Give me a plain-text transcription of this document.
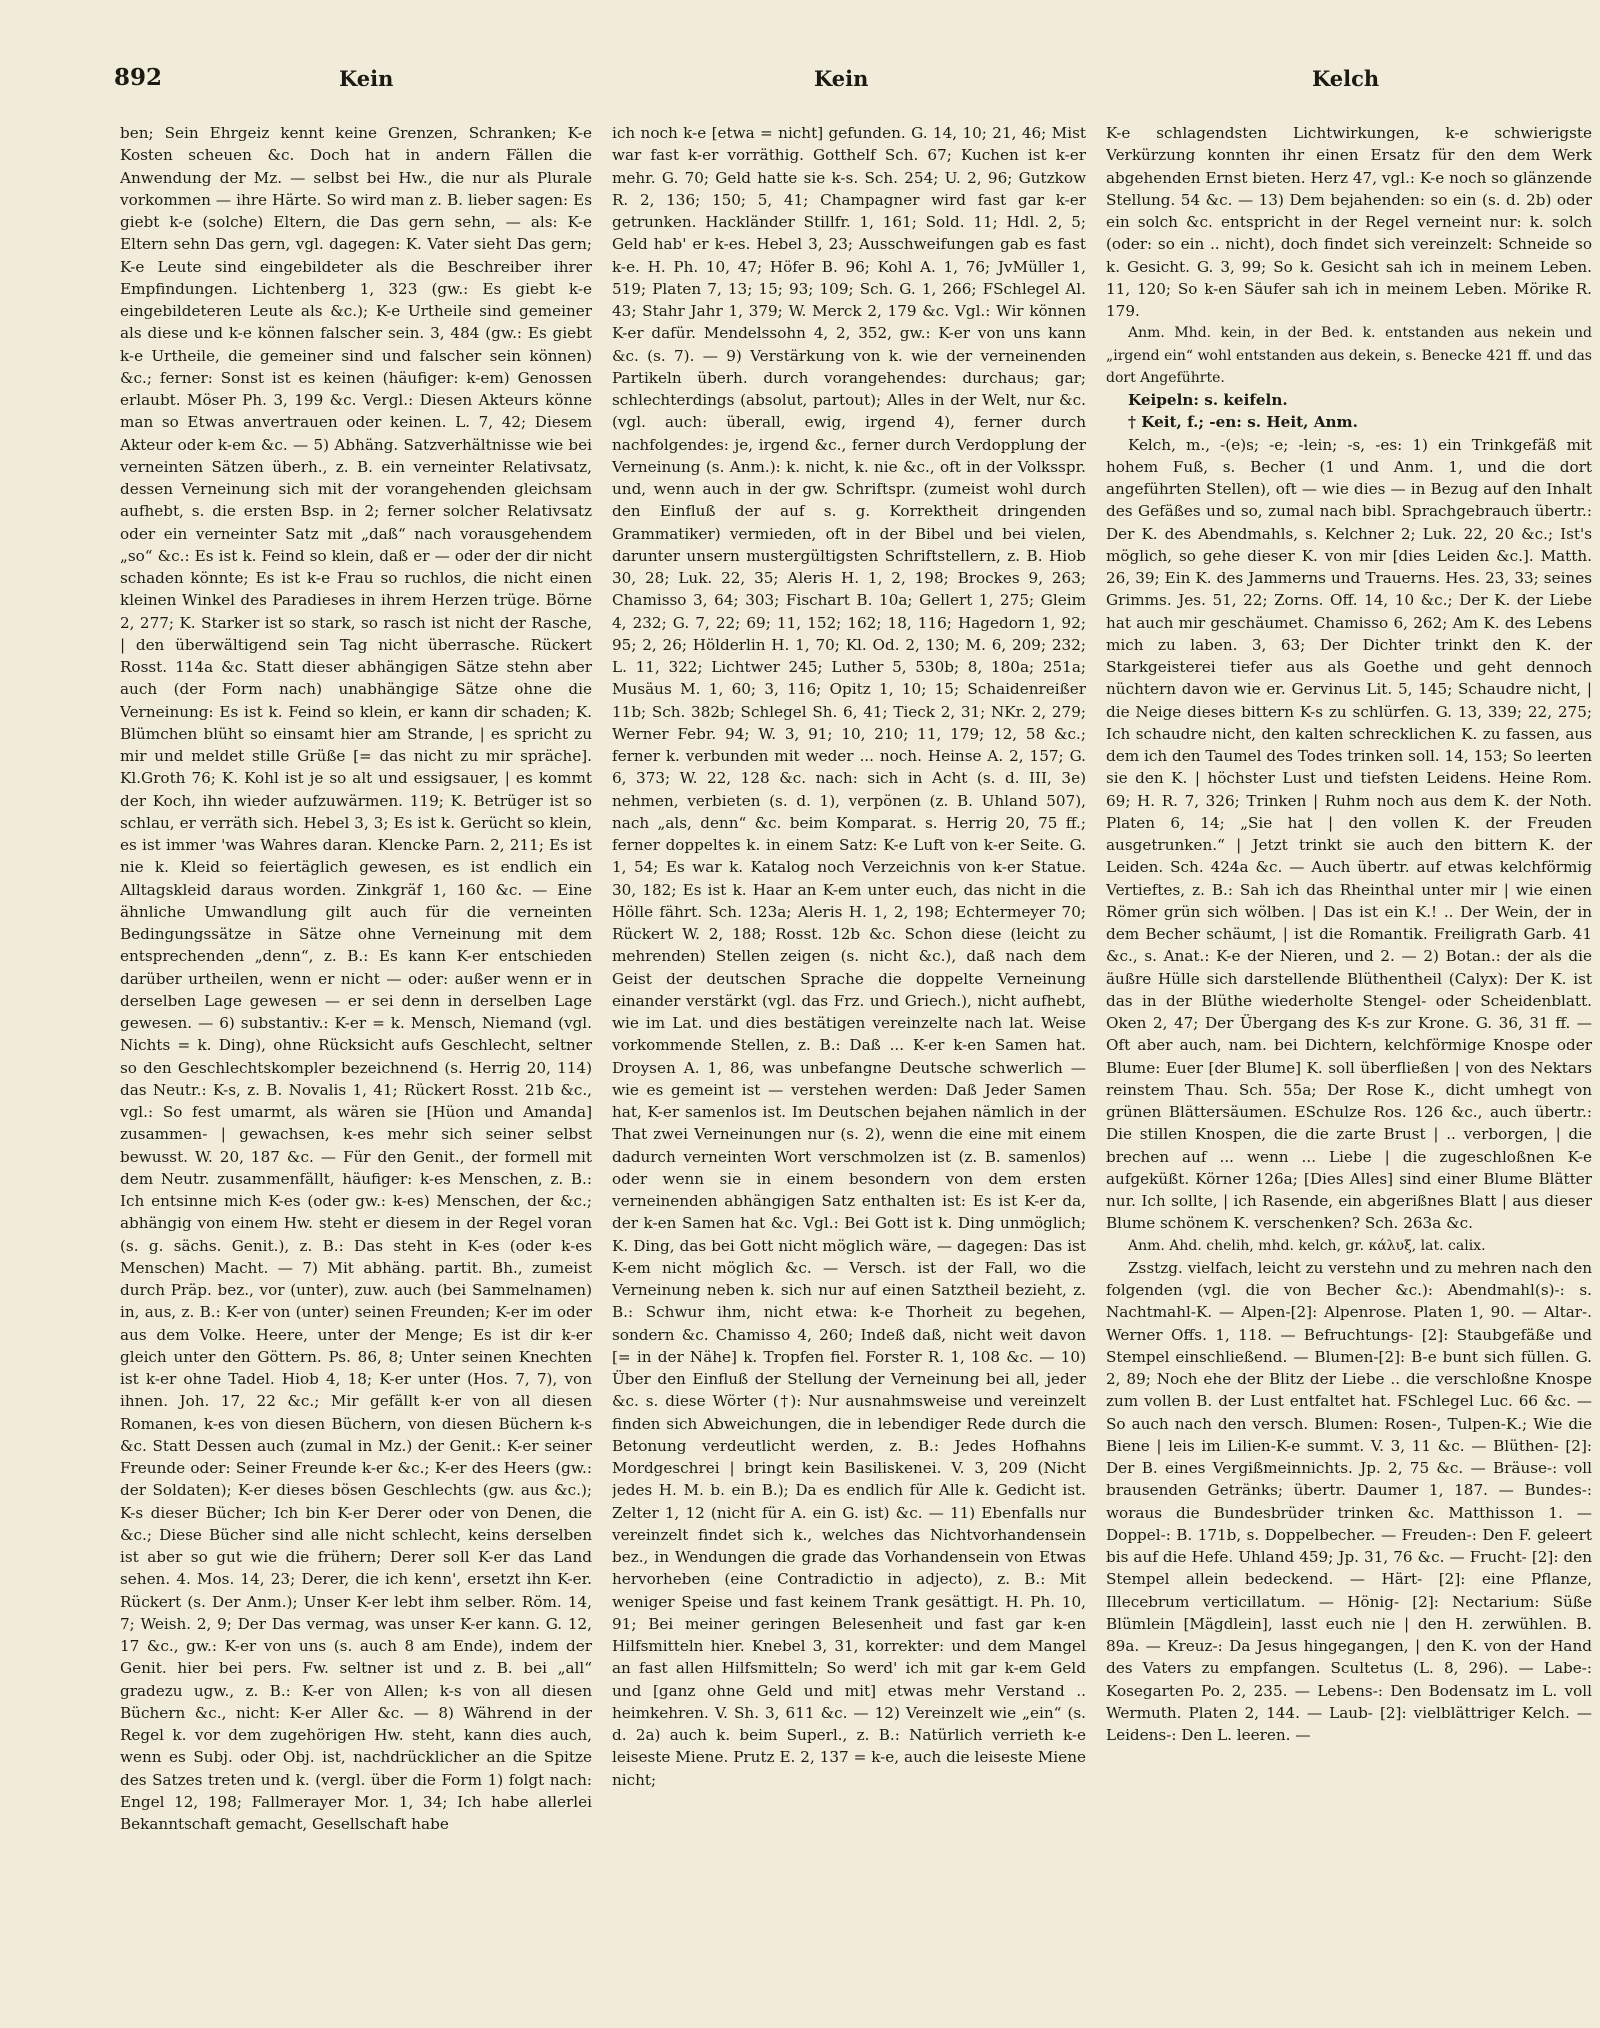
892	Kein	Kein	Kelch

ben; Sein Ehrgeiz kennt keine Grenzen, Schranken; K-e Kosten scheuen &c. Doch hat in andern Fällen die Anwendung der Mz. — selbst bei Hw., die nur als Plurale vorkommen — ihre Härte. So wird man z. B. lieber sagen: Es giebt k-e (solche) Eltern, die Das gern sehn, — als: K-e Eltern sehn Das gern, vgl. dagegen: K. Vater sieht Das gern; K-e Leute sind eingebildeter als die Beschreiber ihrer Empfindungen. Lichtenberg 1, 323 (gw.: Es giebt k-e eingebildeteren Leute als &c.); K-e Urtheile sind gemeiner als diese und k-e können falscher sein. 3, 484 (gw.: Es giebt k-e Urtheile, die gemeiner sind und falscher sein können) &c.; ferner: Sonst ist es keinen (häufiger: k-em) Genossen erlaubt. Möser Ph. 3, 199 &c. Vergl.: Diesen Akteurs könne man so Etwas anvertrauen oder keinen. L. 7, 42; Diesem Akteur oder k-em &c. — 5) Abhäng. Satzverhältnisse wie bei verneinten Sätzen überh., z. B. ein verneinter Relativsatz, dessen Verneinung sich mit der vorangehenden gleichsam aufhebt, s. die ersten Bsp. in 2; ferner solcher Relativsatz oder ein verneinter Satz mit „daß“ nach vorausgehendem „so“ &c.: Es ist k. Feind so klein, daß er — oder der dir nicht schaden könnte; Es ist k-e Frau so ruchlos, die nicht einen kleinen Winkel des Paradieses in ihrem Herzen trüge. Börne 2, 277; K. Starker ist so stark, so rasch ist nicht der Rasche, | den überwältigend sein Tag nicht überrasche. Rückert Rosst. 114a &c. Statt dieser abhängigen Sätze stehn aber auch (der Form nach) unabhängige Sätze ohne die Verneinung: Es ist k. Feind so klein, er kann dir schaden; K. Blümchen blüht so einsamt hier am Strande, | es spricht zu mir und meldet stille Grüße [= das nicht zu mir spräche]. Kl.Groth 76; K. Kohl ist je so alt und essigsauer, | es kommt der Koch, ihn wieder aufzuwärmen. 119; K. Betrüger ist so schlau, er verräth sich. Hebel 3, 3; Es ist k. Gerücht so klein, es ist immer 'was Wahres daran. Klencke Parn. 2, 211; Es ist nie k. Kleid so feiertäglich gewesen, es ist endlich ein Alltagskleid daraus worden. Zinkgräf 1, 160 &c. — Eine ähnliche Umwandlung gilt auch für die verneinten Bedingungssätze in Sätze ohne Verneinung mit dem entsprechenden „denn“, z. B.: Es kann K-er entschieden darüber urtheilen, wenn er nicht — oder: außer wenn er in derselben Lage gewesen — er sei denn in derselben Lage gewesen. — 6) substantiv.: K-er = k. Mensch, Niemand (vgl. Nichts = k. Ding), ohne Rücksicht aufs Geschlecht, seltner so den Geschlechtskompler bezeichnend (s. Herrig 20, 114) das Neutr.: K-s, z. B. Novalis 1, 41; Rückert Rosst. 21b &c., vgl.: So fest umarmt, als wären sie [Hüon und Amanda] zusammen- | gewachsen, k-es mehr sich seiner selbst bewusst. W. 20, 187 &c. — Für den Genit., der formell mit dem Neutr. zusammenfällt, häufiger: k-es Menschen, z. B.: Ich entsinne mich K-es (oder gw.: k-es) Menschen, der &c.; abhängig von einem Hw. steht er diesem in der Regel voran (s. g. sächs. Genit.), z. B.: Das steht in K-es (oder k-es Menschen) Macht. — 7) Mit abhäng. partit. Bh., zumeist durch Präp. bez., vor (unter), zuw. auch (bei Sammelnamen) in, aus, z. B.: K-er von (unter) seinen Freunden; K-er im oder aus dem Volke. Heere, unter der Menge; Es ist dir k-er gleich unter den Göttern. Ps. 86, 8; Unter seinen Knechten ist k-er ohne Tadel. Hiob 4, 18; K-er unter (Hos. 7, 7), von ihnen. Joh. 17, 22 &c.; Mir gefällt k-er von all diesen Romanen, k-es von diesen Büchern, von diesen Büchern k-s &c. Statt Dessen auch (zumal in Mz.) der Genit.: K-er seiner Freunde oder: Seiner Freunde k-er &c.; K-er des Heers (gw.: der Soldaten); K-er dieses bösen Geschlechts (gw. aus &c.); K-s dieser Bücher; Ich bin K-er Derer oder von Denen, die &c.; Diese Bücher sind alle nicht schlecht, keins derselben ist aber so gut wie die frühern; Derer soll K-er das Land sehen. 4. Mos. 14, 23; Derer, die ich kenn', ersetzt ihn K-er. Rückert (s. Der Anm.); Unser K-er lebt ihm selber. Röm. 14, 7; Weish. 2, 9; Der Das vermag, was unser K-er kann. G. 12, 17 &c., gw.: K-er von uns (s. auch 8 am Ende), indem der Genit. hier bei pers. Fw. seltner ist und z. B. bei „all“ gradezu ugw., z. B.: K-er von Allen; k-s von all diesen Büchern &c., nicht: K-er Aller &c. — 8) Während in der Regel k. vor dem zugehörigen Hw. steht, kann dies auch, wenn es Subj. oder Obj. ist, nachdrücklicher an die Spitze des Satzes treten und k. (vergl. über die Form 1) folgt nach: Engel 12, 198; Fallmerayer Mor. 1, 34; Ich habe allerlei Bekanntschaft gemacht, Gesellschaft habe

ich noch k-e [etwa = nicht] gefunden. G. 14, 10; 21, 46; Mist war fast k-er vorräthig. Gotthelf Sch. 67; Kuchen ist k-er mehr. G. 70; Geld hatte sie k-s. Sch. 254; U. 2, 96; Gutzkow R. 2, 136; 150; 5, 41; Champagner wird fast gar k-er getrunken. Hackländer Stillfr. 1, 161; Sold. 11; Hdl. 2, 5; Geld hab' er k-es. Hebel 3, 23; Ausschweifungen gab es fast k-e. H. Ph. 10, 47; Höfer B. 96; Kohl A. 1, 76; JvMüller 1, 519; Platen 7, 13; 15; 93; 109; Sch. G. 1, 266; FSchlegel Al. 43; Stahr Jahr 1, 379; W. Merck 2, 179 &c. Vgl.: Wir können K-er dafür. Mendelssohn 4, 2, 352, gw.: K-er von uns kann &c. (s. 7). — 9) Verstärkung von k. wie der verneinenden Partikeln überh. durch vorangehendes: durchaus; gar; schlechterdings (absolut, partout); Alles in der Welt, nur &c. (vgl. auch: überall, ewig, irgend 4), ferner durch nachfolgendes: je, irgend &c., ferner durch Verdopplung der Verneinung (s. Anm.): k. nicht, k. nie &c., oft in der Volksspr. und, wenn auch in der gw. Schriftspr. (zumeist wohl durch den Einfluß der auf s. g. Korrektheit dringenden Grammatiker) vermieden, oft in der Bibel und bei vielen, darunter unsern mustergültigsten Schriftstellern, z. B. Hiob 30, 28; Luk. 22, 35; Aleris H. 1, 2, 198; Brockes 9, 263; Chamisso 3, 64; 303; Fischart B. 10a; Gellert 1, 275; Gleim 4, 232; G. 7, 22; 69; 11, 152; 162; 18, 116; Hagedorn 1, 92; 95; 2, 26; Hölderlin H. 1, 70; Kl. Od. 2, 130; M. 6, 209; 232; L. 11, 322; Lichtwer 245; Luther 5, 530b; 8, 180a; 251a; Musäus M. 1, 60; 3, 116; Opitz 1, 10; 15; Schaidenreißer 11b; Sch. 382b; Schlegel Sh. 6, 41; Tieck 2, 31; NKr. 2, 279; Werner Febr. 94; W. 3, 91; 10, 210; 11, 179; 12, 58 &c.; ferner k. verbunden mit weder ... noch. Heinse A. 2, 157; G. 6, 373; W. 22, 128 &c. nach: sich in Acht (s. d. III, 3e) nehmen, verbieten (s. d. 1), verpönen (z. B. Uhland 507), nach „als, denn“ &c. beim Komparat. s. Herrig 20, 75 ff.; ferner doppeltes k. in einem Satz: K-e Luft von k-er Seite. G. 1, 54; Es war k. Katalog noch Verzeichnis von k-er Statue. 30, 182; Es ist k. Haar an K-em unter euch, das nicht in die Hölle fährt. Sch. 123a; Aleris H. 1, 2, 198; Echtermeyer 70; Rückert W. 2, 188; Rosst. 12b &c. Schon diese (leicht zu mehrenden) Stellen zeigen (s. nicht &c.), daß nach dem Geist der deutschen Sprache die doppelte Verneinung einander verstärkt (vgl. das Frz. und Griech.), nicht aufhebt, wie im Lat. und dies bestätigen vereinzelte nach lat. Weise vorkommende Stellen, z. B.: Daß ... K-er k-en Samen hat. Droysen A. 1, 86, was unbefangne Deutsche schwerlich — wie es gemeint ist — verstehen werden: Daß Jeder Samen hat, K-er samenlos ist. Im Deutschen bejahen nämlich in der That zwei Verneinungen nur (s. 2), wenn die eine mit einem dadurch verneinten Wort verschmolzen ist (z. B. samenlos) oder wenn sie in einem besondern von dem ersten verneinenden abhängigen Satz enthalten ist: Es ist K-er da, der k-en Samen hat &c. Vgl.: Bei Gott ist k. Ding unmöglich; K. Ding, das bei Gott nicht möglich wäre, — dagegen: Das ist K-em nicht möglich &c. — Versch. ist der Fall, wo die Verneinung neben k. sich nur auf einen Satztheil bezieht, z. B.: Schwur ihm, nicht etwa: k-e Thorheit zu begehen, sondern &c. Chamisso 4, 260; Indeß daß, nicht weit davon [= in der Nähe] k. Tropfen fiel. Forster R. 1, 108 &c. — 10) Über den Einfluß der Stellung der Verneinung bei all, jeder &c. s. diese Wörter (†): Nur ausnahmsweise und vereinzelt finden sich Abweichungen, die in lebendiger Rede durch die Betonung verdeutlicht werden, z. B.: Jedes Hofhahns Mordgeschrei | bringt kein Basiliskenei. V. 3, 209 (Nicht jedes H. M. b. ein B.); Da es endlich für Alle k. Gedicht ist. Zelter 1, 12 (nicht für A. ein G. ist) &c. — 11) Ebenfalls nur vereinzelt findet sich k., welches das Nichtvorhandensein bez., in Wendungen die grade das Vorhandensein von Etwas hervorheben (eine Contradictio in adjecto), z. B.: Mit weniger Speise und fast keinem Trank gesättigt. H. Ph. 10, 91; Bei meiner geringen Belesenheit und fast gar k-en Hilfsmitteln hier. Knebel 3, 31, korrekter: und dem Mangel an fast allen Hilfsmitteln; So werd' ich mit gar k-em Geld und [ganz ohne Geld und mit] etwas mehr Verstand .. heimkehren. V. Sh. 3, 611 &c. — 12) Vereinzelt wie „ein“ (s. d. 2a) auch k. beim Superl., z. B.: Natürlich verrieth k-e leiseste Miene. Prutz E. 2, 137 = k-e, auch die leiseste Miene nicht;

K-e schlagendsten Lichtwirkungen, k-e schwierigste Verkürzung konnten ihr einen Ersatz für den dem Werk abgehenden Ernst bieten. Herz 47, vgl.: K-e noch so glänzende Stellung. 54 &c. — 13) Dem bejahenden: so ein (s. d. 2b) oder ein solch &c. entspricht in der Regel verneint nur: k. solch (oder: so ein .. nicht), doch findet sich vereinzelt: Schneide so k. Gesicht. G. 3, 99; So k. Gesicht sah ich in meinem Leben. 11, 120; So k-en Säufer sah ich in meinem Leben. Mörike R. 179.

Anm. Mhd. kein, in der Bed. k. entstanden aus nekein und „irgend ein“ wohl entstanden aus dekein, s. Benecke 421 ff. und das dort Angeführte.

Keipeln: s. keifeln.

† Keit, f.; -en: s. Heit, Anm.

Kelch, m., -(e)s; -e; -lein; -s, -es: 1) ein Trinkgefäß mit hohem Fuß, s. Becher (1 und Anm. 1, und die dort angeführten Stellen), oft — wie dies — in Bezug auf den Inhalt des Gefäßes und so, zumal nach bibl. Sprachgebrauch übertr.: Der K. des Abendmahls, s. Kelchner 2; Luk. 22, 20 &c.; Ist's möglich, so gehe dieser K. von mir [dies Leiden &c.]. Matth. 26, 39; Ein K. des Jammerns und Trauerns. Hes. 23, 33; seines Grimms. Jes. 51, 22; Zorns. Off. 14, 10 &c.; Der K. der Liebe hat auch mir geschäumet. Chamisso 6, 262; Am K. des Lebens mich zu laben. 3, 63; Der Dichter trinkt den K. der Starkgeisterei tiefer aus als Goethe und geht dennoch nüchtern davon wie er. Gervinus Lit. 5, 145; Schaudre nicht, | die Neige dieses bittern K-s zu schlürfen. G. 13, 339; 22, 275; Ich schaudre nicht, den kalten schrecklichen K. zu fassen, aus dem ich den Taumel des Todes trinken soll. 14, 153; So leerten sie den K. | höchster Lust und tiefsten Leidens. Heine Rom. 69; H. R. 7, 326; Trinken | Ruhm noch aus dem K. der Noth. Platen 6, 14; „Sie hat | den vollen K. der Freuden ausgetrunken.“ | Jetzt trinkt sie auch den bittern K. der Leiden. Sch. 424a &c. — Auch übertr. auf etwas kelchförmig Vertieftes, z. B.: Sah ich das Rheinthal unter mir | wie einen Römer grün sich wölben. | Das ist ein K.! .. Der Wein, der in dem Becher schäumt, | ist die Romantik. Freiligrath Garb. 41 &c., s. Anat.: K-e der Nieren, und 2. — 2) Botan.: der als die äußre Hülle sich darstellende Blüthentheil (Calyx): Der K. ist das in der Blüthe wiederholte Stengel- oder Scheidenblatt. Oken 2, 47; Der Übergang des K-s zur Krone. G. 36, 31 ff. — Oft aber auch, nam. bei Dichtern, kelchförmige Knospe oder Blume: Euer [der Blume] K. soll überfließen | von des Nektars reinstem Thau. Sch. 55a; Der Rose K., dicht umhegt von grünen Blättersäumen. ESchulze Ros. 126 &c., auch übertr.: Die stillen Knospen, die die zarte Brust | .. verborgen, | die brechen auf ... wenn ... Liebe | die zugeschloßnen K-e aufgeküßt. Körner 126a; [Dies Alles] sind einer Blume Blätter nur. Ich sollte, | ich Rasende, ein abgerißnes Blatt | aus dieser Blume schönem K. verschenken? Sch. 263a &c.

Anm. Ahd. chelih, mhd. kelch, gr. κάλυξ, lat. calix.

Zsstzg. vielfach, leicht zu verstehn und zu mehren nach den folgenden (vgl. die von Becher &c.): Abendmahl(s)-: s. Nachtmahl-K. — Alpen-[2]: Alpenrose. Platen 1, 90. — Altar-. Werner Offs. 1, 118. — Befruchtungs- [2]: Staubgefäße und Stempel einschließend. — Blumen-[2]: B-e bunt sich füllen. G. 2, 89; Noch ehe der Blitz der Liebe .. die verschloßne Knospe zum vollen B. der Lust entfaltet hat. FSchlegel Luc. 66 &c. — So auch nach den versch. Blumen: Rosen-, Tulpen-K.; Wie die Biene | leis im Lilien-K-e summt. V. 3, 11 &c. — Blüthen- [2]: Der B. eines Vergißmeinnichts. Jp. 2, 75 &c. — Bräuse-: voll brausenden Getränks; übertr. Daumer 1, 187. — Bundes-: woraus die Bundesbrüder trinken &c. Matthisson 1. — Doppel-: B. 171b, s. Doppelbecher. — Freuden-: Den F. geleert bis auf die Hefe. Uhland 459; Jp. 31, 76 &c. — Frucht- [2]: den Stempel allein bedeckend. — Härt- [2]: eine Pflanze, Illecebrum verticillatum. — Hönig- [2]: Nectarium: Süße Blümlein [Mägdlein], lasst euch nie | den H. zerwühlen. B. 89a. — Kreuz-: Da Jesus hingegangen, | den K. von der Hand des Vaters zu empfangen. Scultetus (L. 8, 296). — Labe-: Kosegarten Po. 2, 235. — Lebens-: Den Bodensatz im L. voll Wermuth. Platen 2, 144. — Laub- [2]: vielblättriger Kelch. — Leidens-: Den L. leeren. —
